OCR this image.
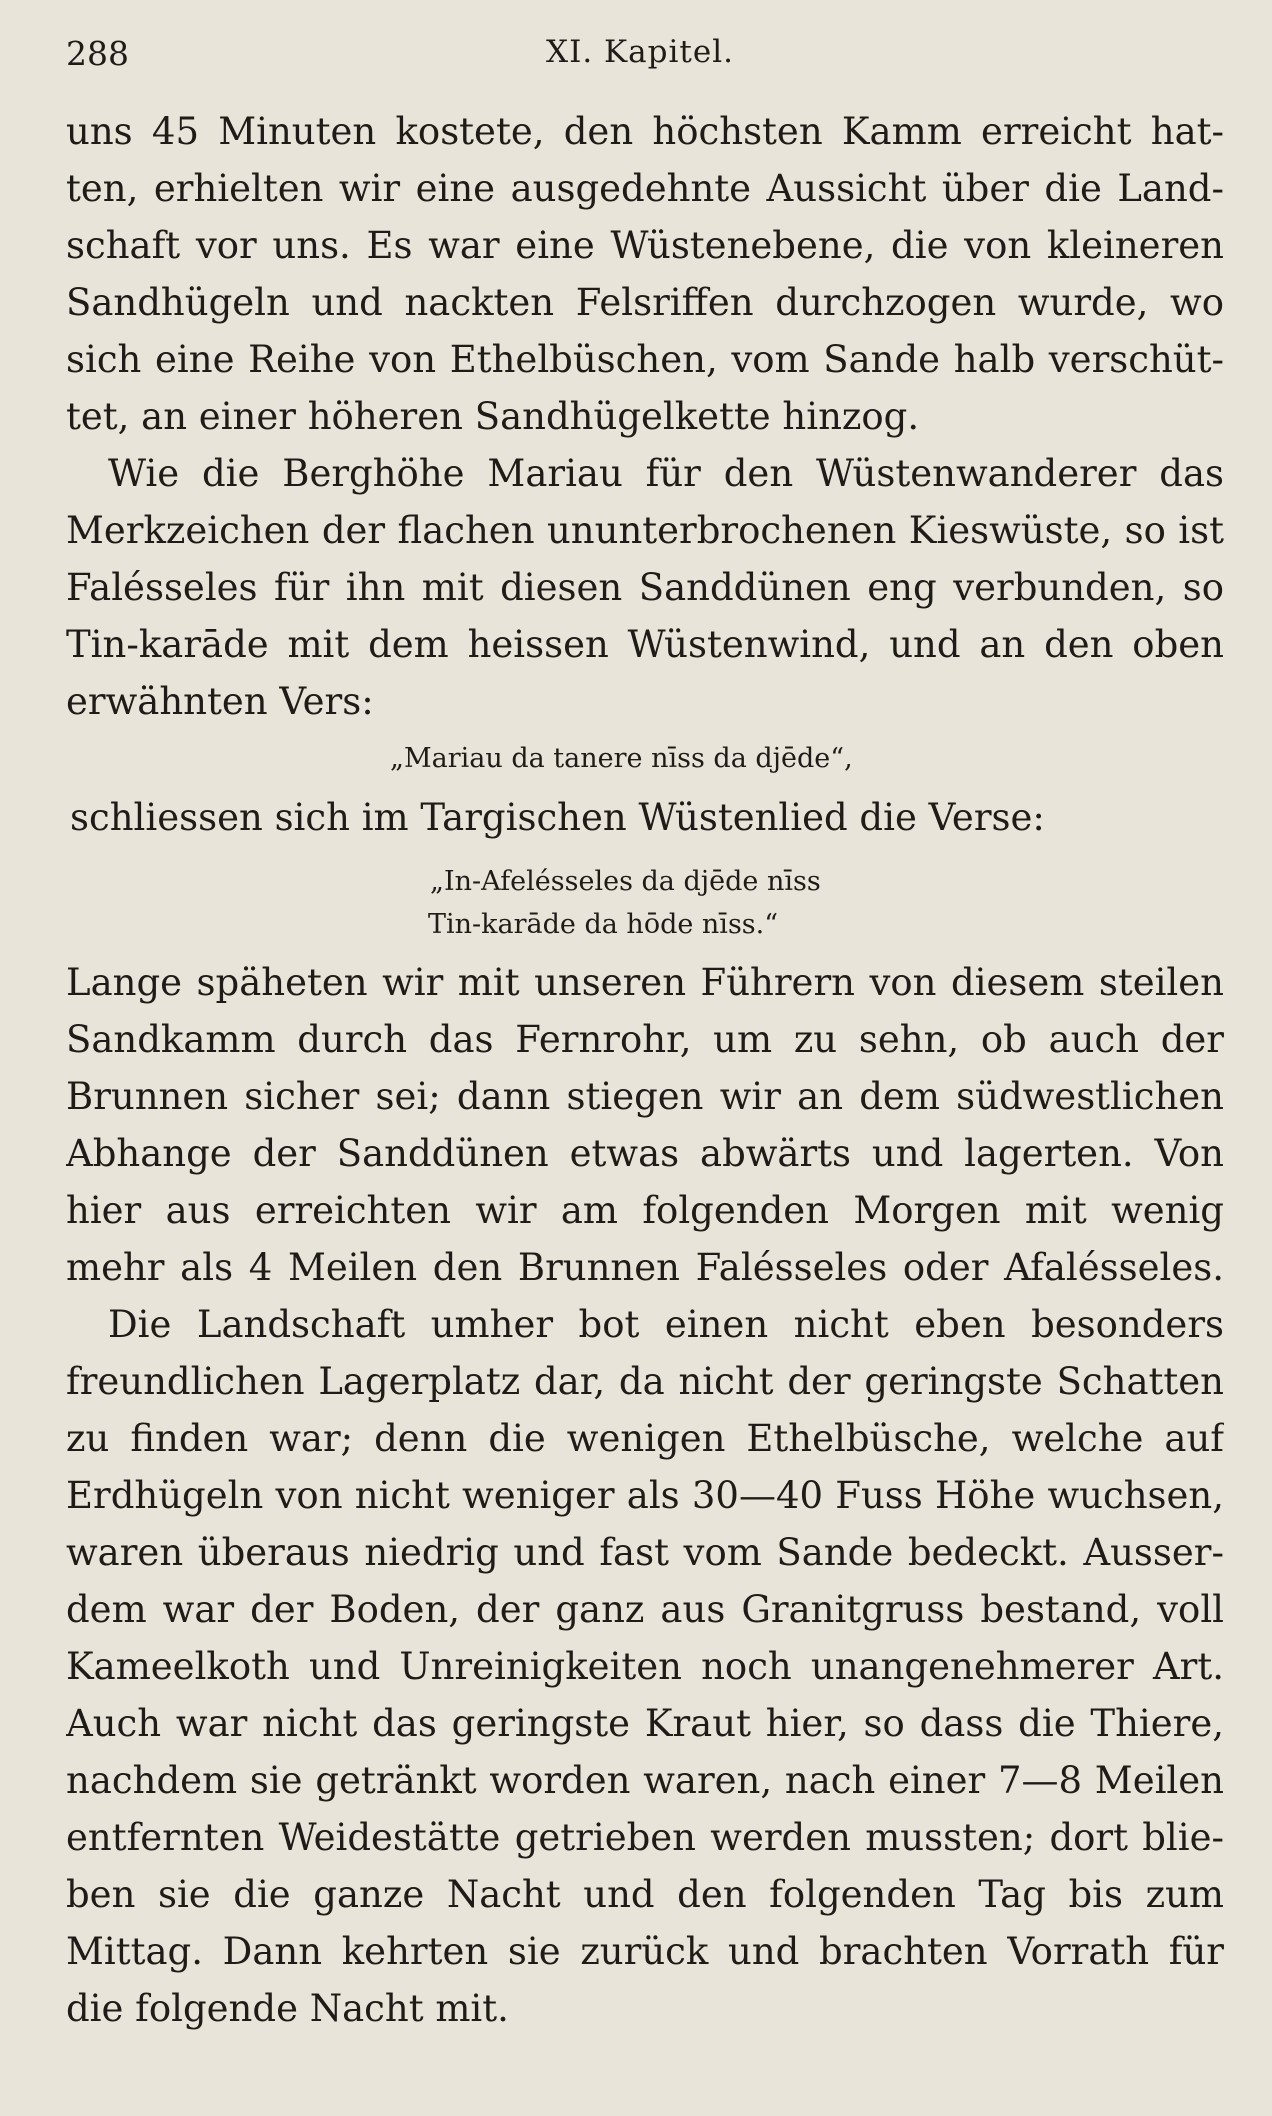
288	XI. Kapitel.
uns 45 Minuten kostete, den höchsten Kamm erreicht hat-
ten, erhielten wir eine ausgedehnte Aussicht über die Land-
schaft vor uns. Es war eine Wüstenebene, die von kleineren
Sandhügeln und nackten Felsriffen durchzogen wurde, wo
sich eine Reihe von Ethelbüschen, vom Sande halb verschüt-
tet, an einer höheren Sandhügelkette hinzog.
Wie die Berghöhe Mariau für den Wüstenwanderer das
Merkzeichen der flachen ununterbrochenen Kieswüste, so ist
Falésseles für ihn mit diesen Sanddünen eng verbunden, so
Tin-karāde mit dem heissen Wüstenwind, und an den oben
erwähnten Vers:
„Mariau da tanere nīss da djēde“,
schliessen sich im Targischen Wüstenlied die Verse:
„In-Afelésseles da djēde nīss
Tin-karāde da hōde nīss.“
Lange späheten wir mit unseren Führern von diesem steilen
Sandkamm durch das Fernrohr, um zu sehn, ob auch der
Brunnen sicher sei; dann stiegen wir an dem südwestlichen
Abhange der Sanddünen etwas abwärts und lagerten. Von
hier aus erreichten wir am folgenden Morgen mit wenig
mehr als 4 Meilen den Brunnen Falésseles oder Afalésseles.
Die Landschaft umher bot einen nicht eben besonders
freundlichen Lagerplatz dar, da nicht der geringste Schatten
zu finden war; denn die wenigen Ethelbüsche, welche auf
Erdhügeln von nicht weniger als 30—40 Fuss Höhe wuchsen,
waren überaus niedrig und fast vom Sande bedeckt. Ausser-
dem war der Boden, der ganz aus Granitgruss bestand, voll
Kameelkoth und Unreinigkeiten noch unangenehmerer Art.
Auch war nicht das geringste Kraut hier, so dass die Thiere,
nachdem sie getränkt worden waren, nach einer 7—8 Meilen
entfernten Weidestätte getrieben werden mussten; dort blie-
ben sie die ganze Nacht und den folgenden Tag bis zum
Mittag. Dann kehrten sie zurück und brachten Vorrath für
die folgende Nacht mit.
